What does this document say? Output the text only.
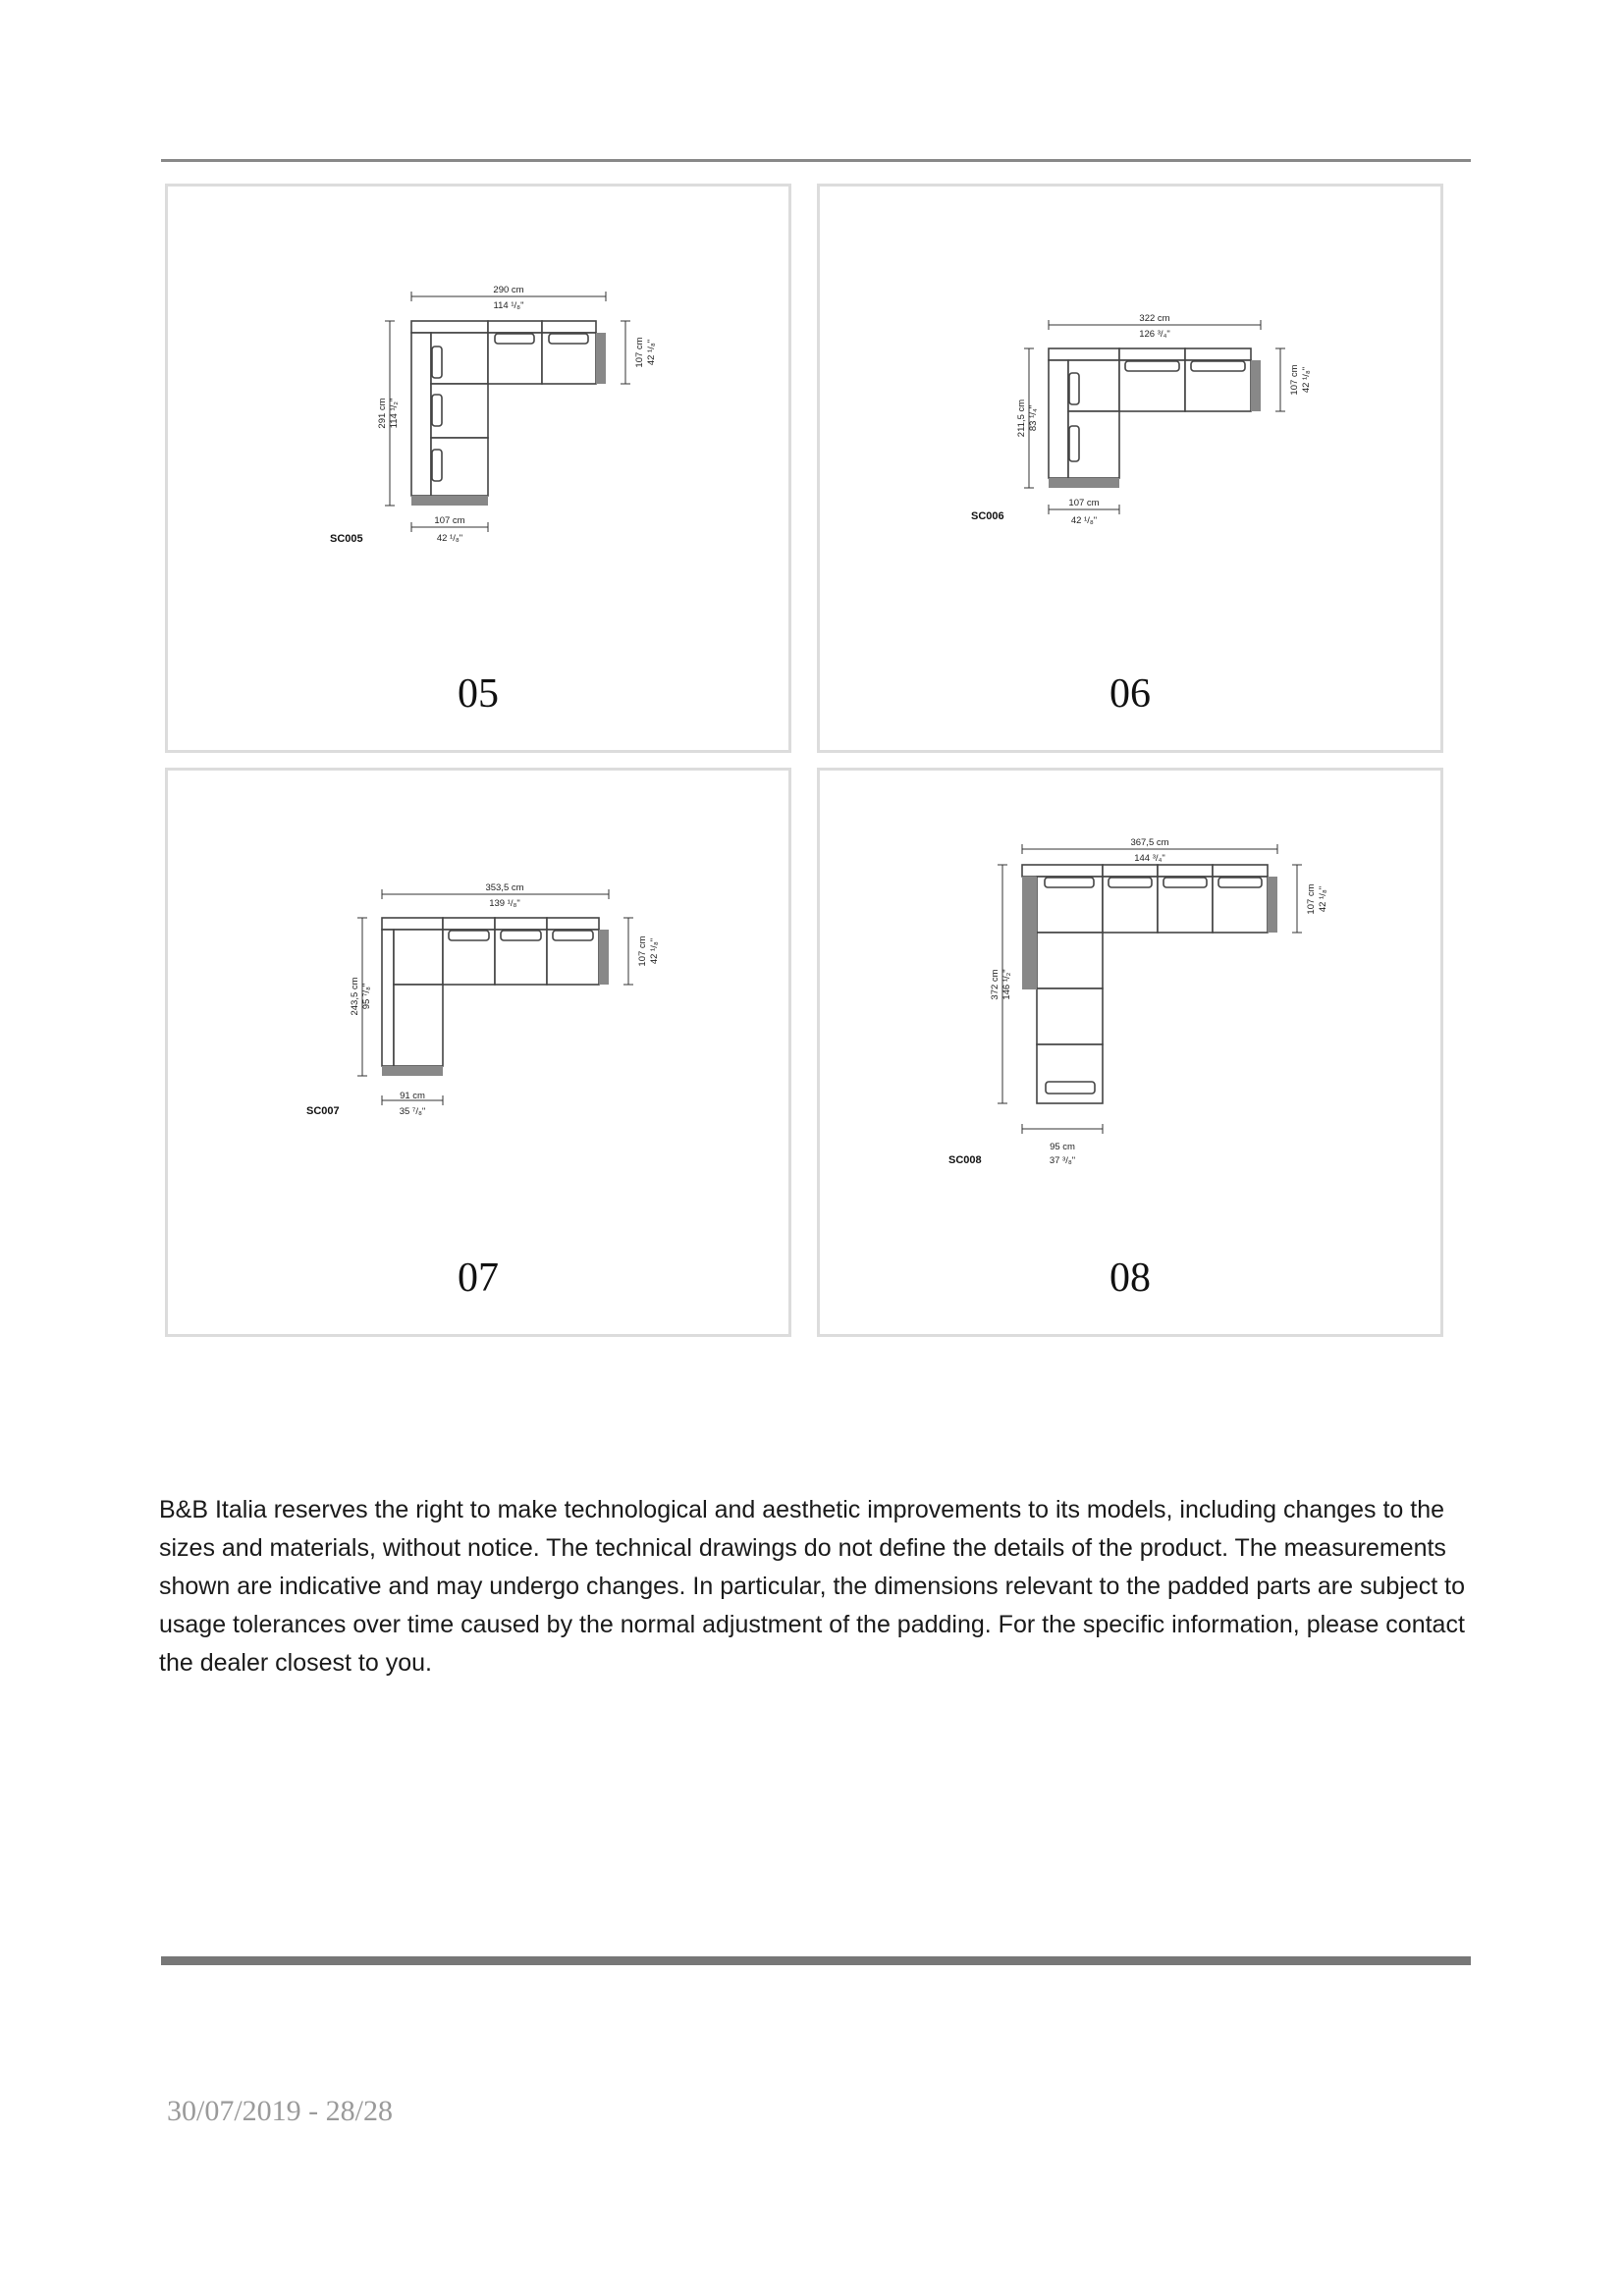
290 cm
114 ¹/₈"
107 cm 42 ¹/₈"
291 cm 114 ¹/₂"
107 cm
42 ¹/₈"
SC005
05
322 cm
126 ³/₄"
107 cm 42 ¹/₈"
211,5 cm 83 ¹/₄"
107 cm
42 ¹/₈"
SC006
06
353,5 cm
139 ¹/₈"
107 cm 42 ¹/₈"
243,5 cm 95 ⁷/₈"
91 cm
35 ⁷/₈"
SC007
07
367,5 cm
144 ³/₄"
107 cm 42 ¹/₈"
372 cm 146 ¹/₂"
95 cm
37 ³/₈"
SC008
08

B&B Italia reserves the right to make technological and aesthetic improvements to its models, including changes to the sizes and materials, without notice. The technical drawings do not define the details of the product. The measurements shown are indicative and may undergo changes. In particular, the dimensions relevant to the padded parts are subject to usage tolerances over time caused by the normal adjustment of the padding. For the specific information, please contact the dealer closest to you.

30/07/2019 - 28/28
